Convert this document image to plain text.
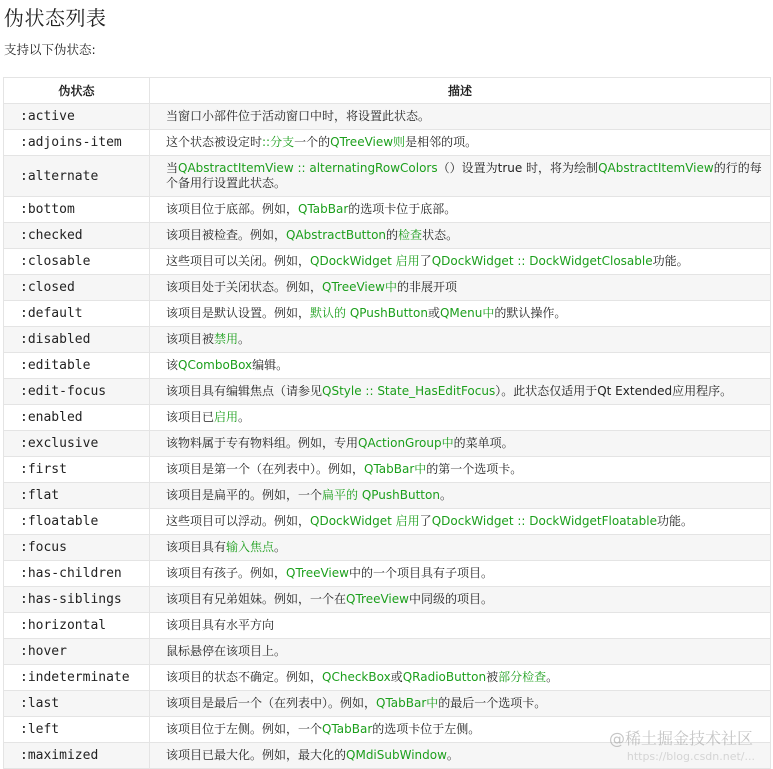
伪状态列表

支持以下伪状态:

伪状态	描述
:active	当窗口小部件位于活动窗口中时，将设置此状态。
:adjoins-item	这个状态被设定时::分支一个的QTreeView则是相邻的项。
:alternate	当QAbstractItemView :: alternatingRowColors（）设置为true 时，将为绘制QAbstractItemView的行的每个备用行设置此状态。
:bottom	该项目位于底部。例如，QTabBar的选项卡位于底部。
:checked	该项目被检查。例如，QAbstractButton的检查状态。
:closable	这些项目可以关闭。例如，QDockWidget 启用了QDockWidget :: DockWidgetClosable功能。
:closed	该项目处于关闭状态。例如，QTreeView中的非展开项
:default	该项目是默认设置。例如，默认的 QPushButton或QMenu中的默认操作。
:disabled	该项目被禁用。
:editable	该QComboBox编辑。
:edit-focus	该项目具有编辑焦点（请参见QStyle :: State_HasEditFocus）。此状态仅适用于Qt Extended应用程序。
:enabled	该项目已启用。
:exclusive	该物料属于专有物料组。例如，专用QActionGroup中的菜单项。
:first	该项目是第一个（在列表中）。例如，QTabBar中的第一个选项卡。
:flat	该项目是扁平的。例如，一个扁平的 QPushButton。
:floatable	这些项目可以浮动。例如，QDockWidget 启用了QDockWidget :: DockWidgetFloatable功能。
:focus	该项目具有输入焦点。
:has-children	该项目有孩子。例如，QTreeView中的一个项目具有子项目。
:has-siblings	该项目有兄弟姐妹。例如，一个在QTreeView中同级的项目。
:horizontal	该项目具有水平方向
:hover	鼠标悬停在该项目上。
:indeterminate	该项目的状态不确定。例如，QCheckBox或QRadioButton被部分检查。
:last	该项目是最后一个（在列表中）。例如，QTabBar中的最后一个选项卡。
:left	该项目位于左侧。例如，一个QTabBar的选项卡位于左侧。
:maximized	该项目已最大化。例如，最大化的QMdiSubWindow。
@稀土掘金技术社区
https://blog.csdn.net/...
